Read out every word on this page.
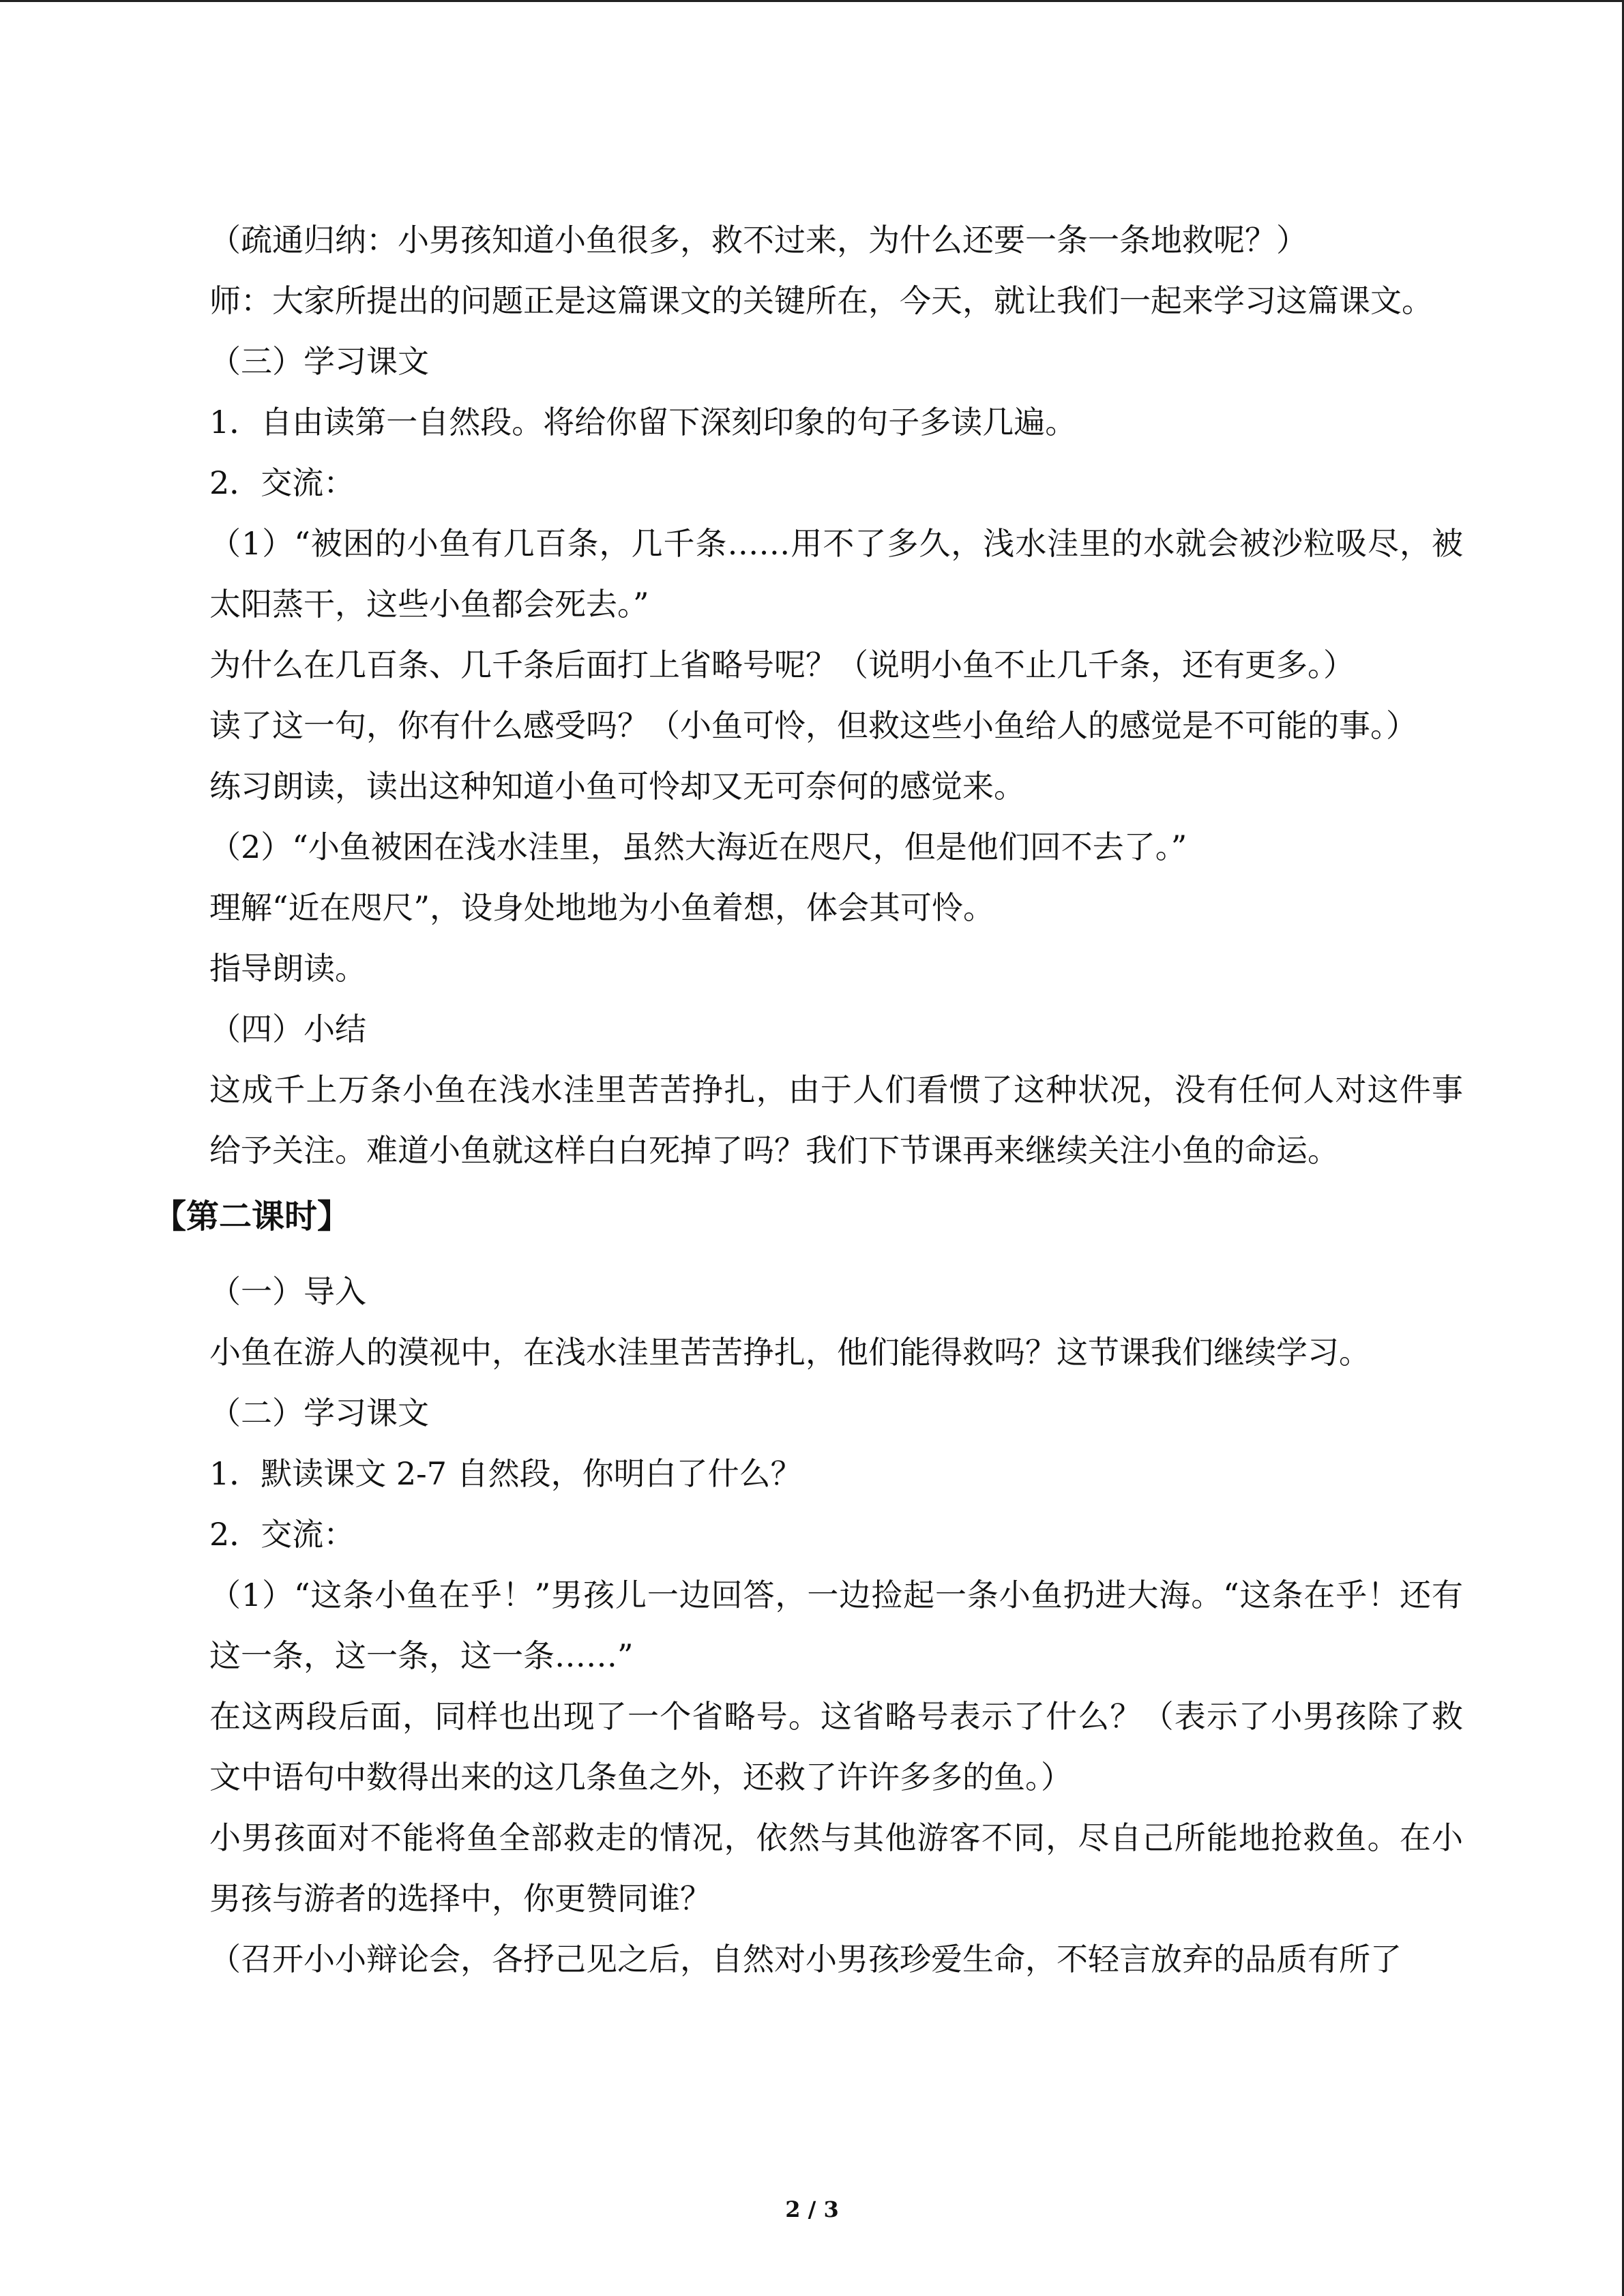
（疏通归纳：小男孩知道小鱼很多，救不过来，为什么还要一条一条地救呢？）

师：大家所提出的问题正是这篇课文的关键所在，今天，就让我们一起来学习这篇课文。

（三）学习课文

1．自由读第一自然段。将给你留下深刻印象的句子多读几遍。

2．交流：

（1）“被困的小鱼有几百条，几千条……用不了多久，浅水洼里的水就会被沙粒吸尽，被太阳蒸干，这些小鱼都会死去。”

为什么在几百条、几千条后面打上省略号呢？（说明小鱼不止几千条，还有更多。）

读了这一句，你有什么感受吗？（小鱼可怜，但救这些小鱼给人的感觉是不可能的事。）

练习朗读，读出这种知道小鱼可怜却又无可奈何的感觉来。

（2）“小鱼被困在浅水洼里，虽然大海近在咫尺，但是他们回不去了。”

理解“近在咫尺”，设身处地地为小鱼着想，体会其可怜。

指导朗读。

（四）小结

这成千上万条小鱼在浅水洼里苦苦挣扎，由于人们看惯了这种状况，没有任何人对这件事给予关注。难道小鱼就这样白白死掉了吗？我们下节课再来继续关注小鱼的命运。

【第二课时】

（一）导入

小鱼在游人的漠视中，在浅水洼里苦苦挣扎，他们能得救吗？这节课我们继续学习。

（二）学习课文

1．默读课文 2-7 自然段，你明白了什么？

2．交流：

（1）“这条小鱼在乎！”男孩儿一边回答，一边捡起一条小鱼扔进大海。“这条在乎！还有这一条，这一条，这一条……”

在这两段后面，同样也出现了一个省略号。这省略号表示了什么？（表示了小男孩除了救文中语句中数得出来的这几条鱼之外，还救了许许多多的鱼。）

小男孩面对不能将鱼全部救走的情况，依然与其他游客不同，尽自己所能地抢救鱼。在小男孩与游者的选择中，你更赞同谁？

（召开小小辩论会，各抒己见之后，自然对小男孩珍爱生命，不轻言放弃的品质有所了

2 / 3
